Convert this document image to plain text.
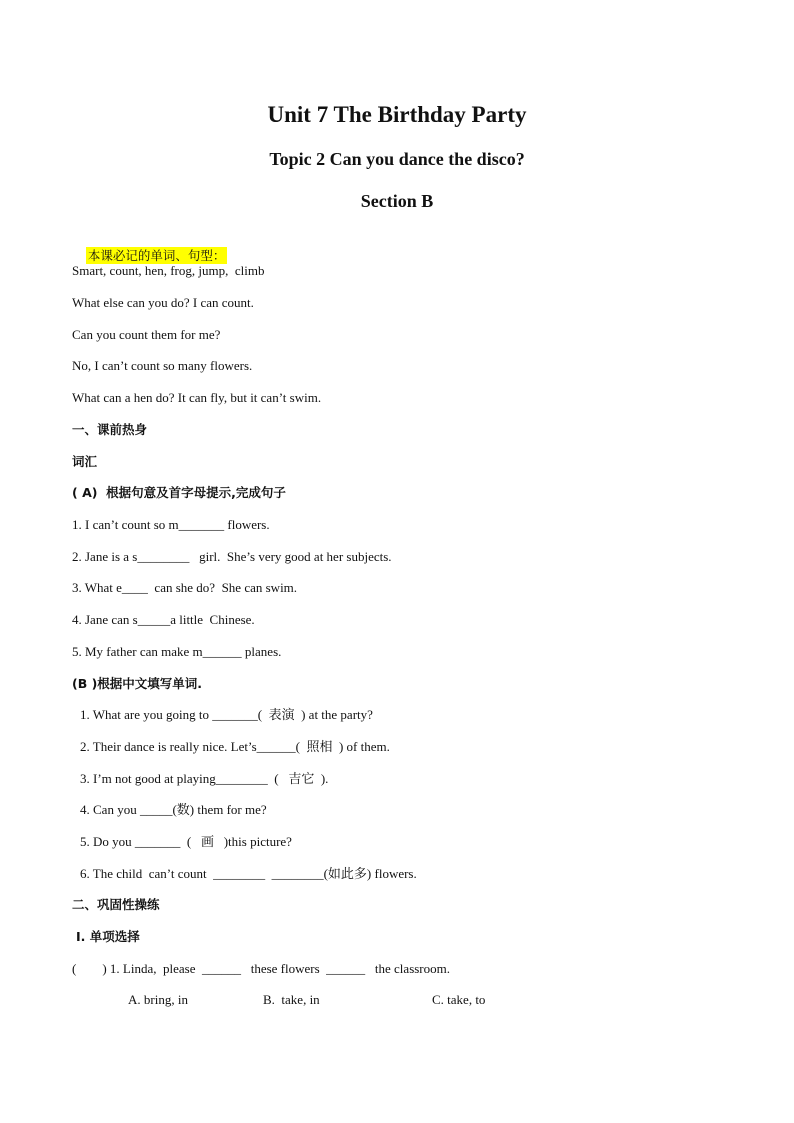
Unit 7 The Birthday Party
Topic 2 Can you dance the disco?
Section B

本课必记的单词、句型：

Smart, count, hen, frog, jump,  climb
What else can you do? I can count.
Can you count them for me?
No, I can’t count so many flowers.
What can a hen do? It can fly, but it can’t swim.
一、课前热身
词汇
( A)  根据句意及首字母提示,完成句子
1. I can’t count so m_______ flowers.
2. Jane is a s________   girl.  She’s very good at her subjects.
3. What e____  can she do?  She can swim.
4. Jane can s_____a little  Chinese.
5. My father can make m______ planes.
(B )根据中文填写单词.
1. What are you going to _______(  表演  ) at the party?
2. Their dance is really nice. Let’s______(  照相  ) of them.
3. I’m not good at playing________  (   吉它  ).
4. Can you _____(数) them for me?
5. Do you _______  (   画   )this picture?
6. The child  can’t count  ________  ________(如此多) flowers.
二、巩固性操练
Ⅰ. 单项选择
(        ) 1. Linda,  please  ______   these flowers  ______   the classroom.
A. bring, in	B.  take, in	C. take, to
